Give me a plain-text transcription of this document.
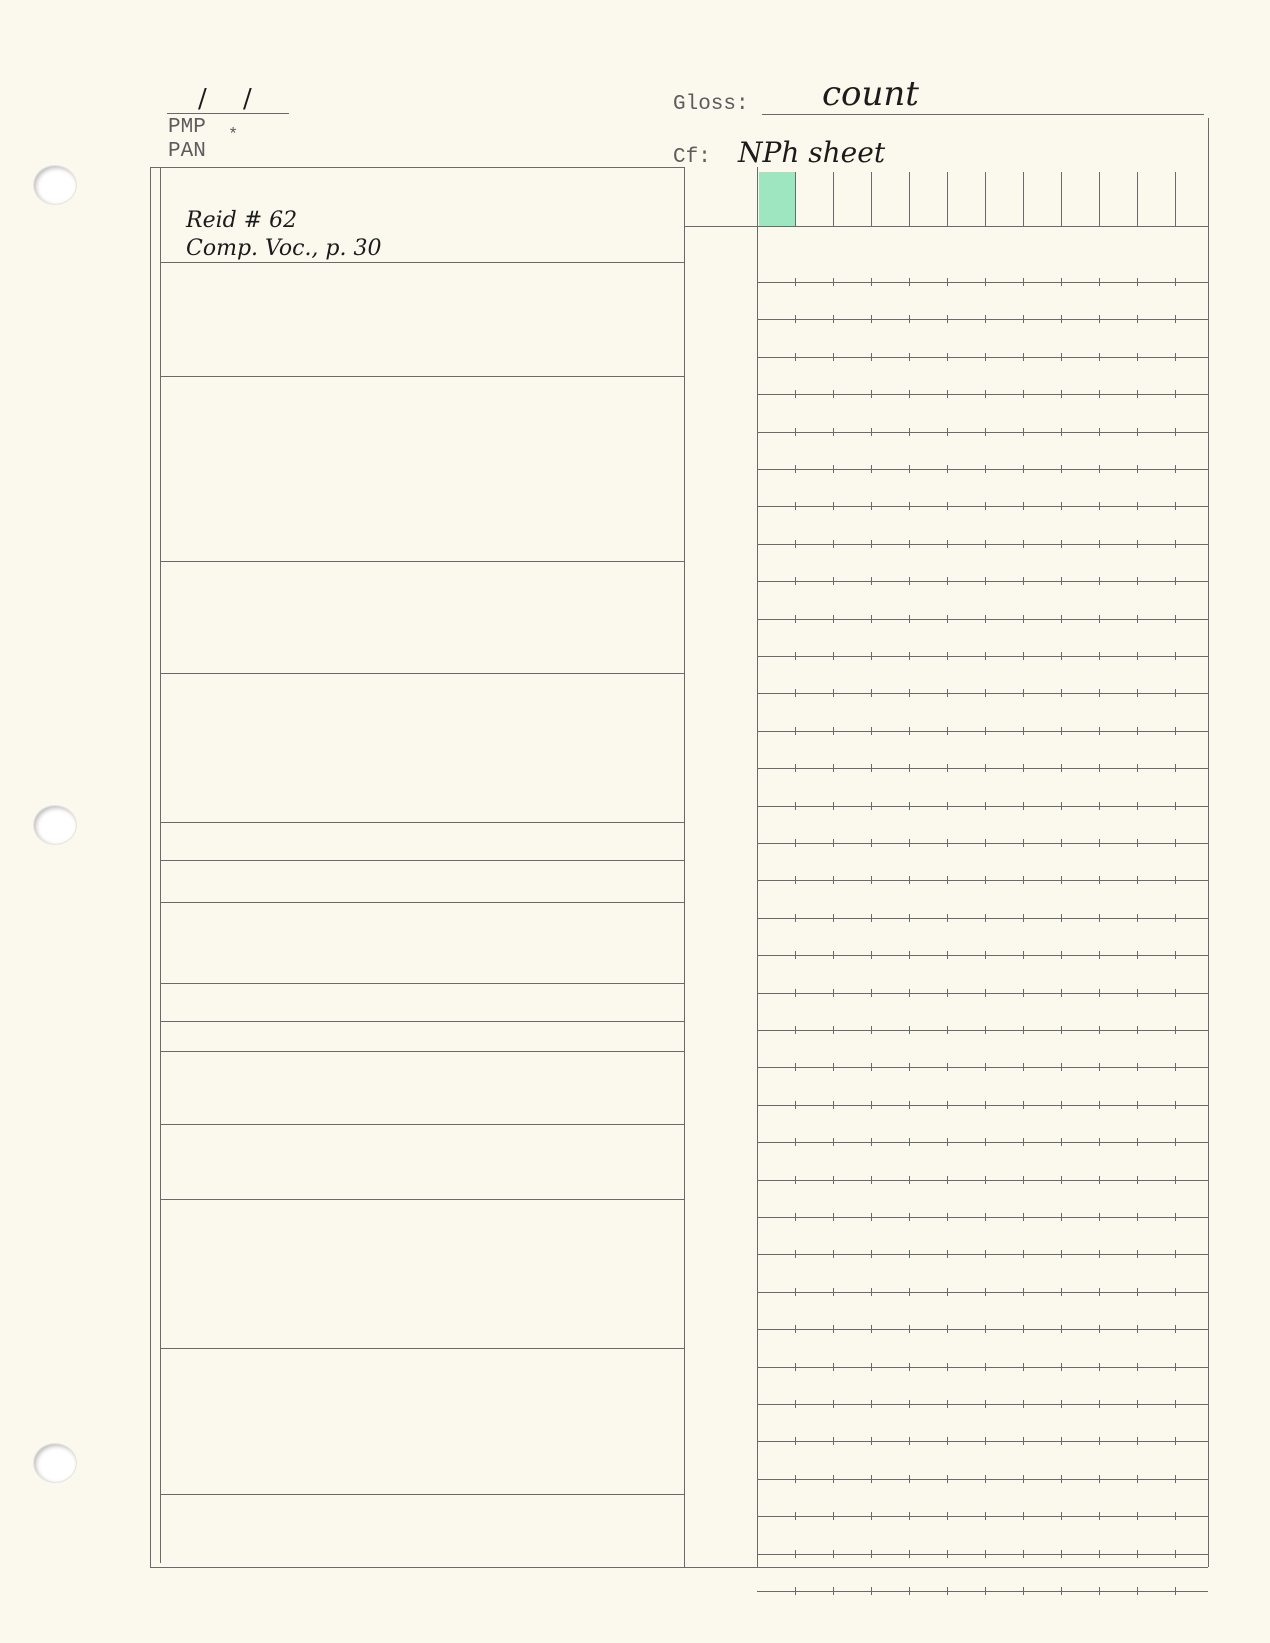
/ /
PMP
PAN
*
Gloss: count
Cf: NPh sheet
Reid # 62
Comp. Voc., p. 30
